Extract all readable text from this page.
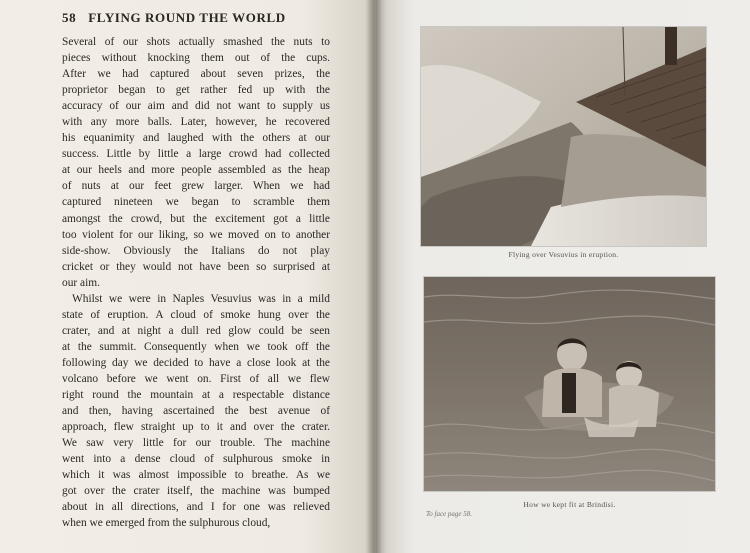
58 FLYING ROUND THE WORLD
Several of our shots actually smashed the nuts to
pieces without knocking them out of the cups.
After we had captured about seven prizes, the
proprietor began to get rather fed up with the
accuracy of our aim and did not want to supply us
with any more balls. Later, however, he recovered
his equanimity and laughed with the others at our
success. Little by little a large crowd had collected
at our heels and more people assembled as the heap
of nuts at our feet grew larger. When we had
captured nineteen we began to scramble them
amongst the crowd, but the excitement got a little
too violent for our liking, so we moved on to another
side-show. Obviously the Italians do not play
cricket or they would not have been so surprised at
our aim.
Whilst we were in Naples Vesuvius was in a mild
state of eruption. A cloud of smoke hung over the
crater, and at night a dull red glow could be seen
at the summit. Consequently when we took off the
following day we decided to have a close look at the
volcano before we went on. First of all we flew
right round the mountain at a respectable distance
and then, having ascertained the best avenue of
approach, flew straight up to it and over the crater.
We saw very little for our trouble. The machine
went into a dense cloud of sulphurous smoke in
which it was almost impossible to breathe. As we
got over the crater itself, the machine was bumped
about in all directions, and I for one was relieved
when we emerged from the sulphurous cloud,
Flying over Vesuvius in eruption.
How we kept fit at Brindisi.
To face page 58.
